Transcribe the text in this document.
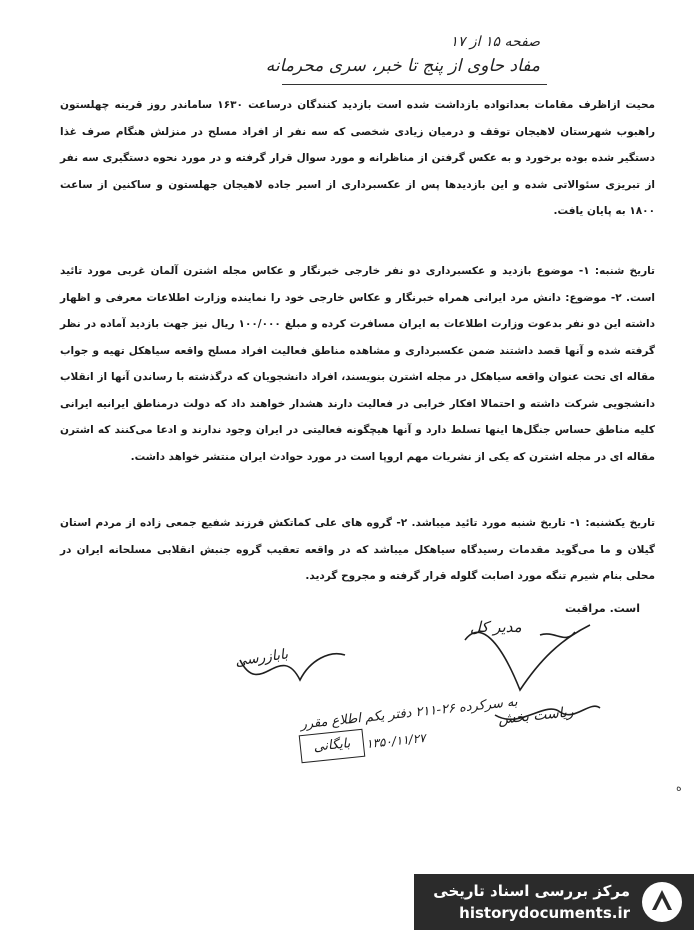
صفحه ۱۵ از ۱۷
مفاد حاوی از پنج تا خبر، سری محرمانه
محیت ازاظرف مقامات بعداتواده بازداشت شده است بازدید کنندگان درساعت ۱۶۳۰ ساماندر روز قرینه چهلستون راهبوب شهرستان لاهیجان توقف و درمیان زیادی شخصی که سه نفر از افراد مسلح در منزلش هنگام صرف غذا دستگیر شده بوده برخورد و به عکس گرفتن از مناظرانه و مورد سوال قرار گرفته و در مورد نحوه دستگیری سه نفر از تبریزی سئوالاتی شده و این بازدیدها پس از عکسبرداری از اسیر جاده لاهیجان جهلستون و ساکنین از ساعت ۱۸۰۰ به پایان یافت.
تاریخ شنبه: ۱- موضوع بازدید و عکسبرداری دو نفر خارجی خبرنگار و عکاس مجله اشترن آلمان غربی مورد تائید است. ۲- موضوع: دانش مرد ایرانی همراه خبرنگار و عکاس خارجی خود را نماینده وزارت اطلاعات معرفی و اظهار داشته این دو نفر بدعوت وزارت اطلاعات به ایران مسافرت کرده و مبلغ ۱۰۰/۰۰۰ ریال نیز جهت بازدید آماده در نظر گرفته شده و آنها قصد داشتند ضمن عکسبرداری و مشاهده مناطق فعالیت افراد مسلح واقعه سیاهکل تهیه و جواب مقاله ای تحت عنوان واقعه سیاهکل در مجله اشترن بنویسند، افراد دانشجویان که درگذشته با رساندن آنها از انقلاب دانشجویی شرکت داشته و احتمالا افکار خرابی در فعالیت دارند هشدار خواهند داد که دولت درمناطق ایرانیه ایرانی کلیه مناطق حساس جنگل‌ها اینها تسلط دارد و آنها هیچگونه فعالیتی در ایران وجود ندارند و ادعا می‌کنند که اشترن مقاله ای در مجله اشترن که یکی از نشریات مهم اروپا است در مورد حوادث ایران منتشر خواهد داشت.
تاریخ یکشنبه: ۱- تاریخ شنبه مورد تائید میباشد. ۲- گروه های علی کماتکش فرزند شفیع جمعی زاده از مردم استان گیلان و ما می‌گوید مقدمات رسیدگاه سیاهکل میباشد که در واقعه تعقیب گروه جنبش انقلابی مسلحانه ایران در محلی بنام شیرم تنگه مورد اصابت گلوله قرار گرفته و مجروح گردید.
است. مراقبت
مدیر کل
بابازرسی
ریاست بخش
به سرکرده ۲۶-۲۱۱ دفتر یکم اطلاع مقرر
بایگانی	۱۳۵۰/۱۱/۲۷
ه
مرکز بررسی اسناد تاریخی
historydocuments.ir
